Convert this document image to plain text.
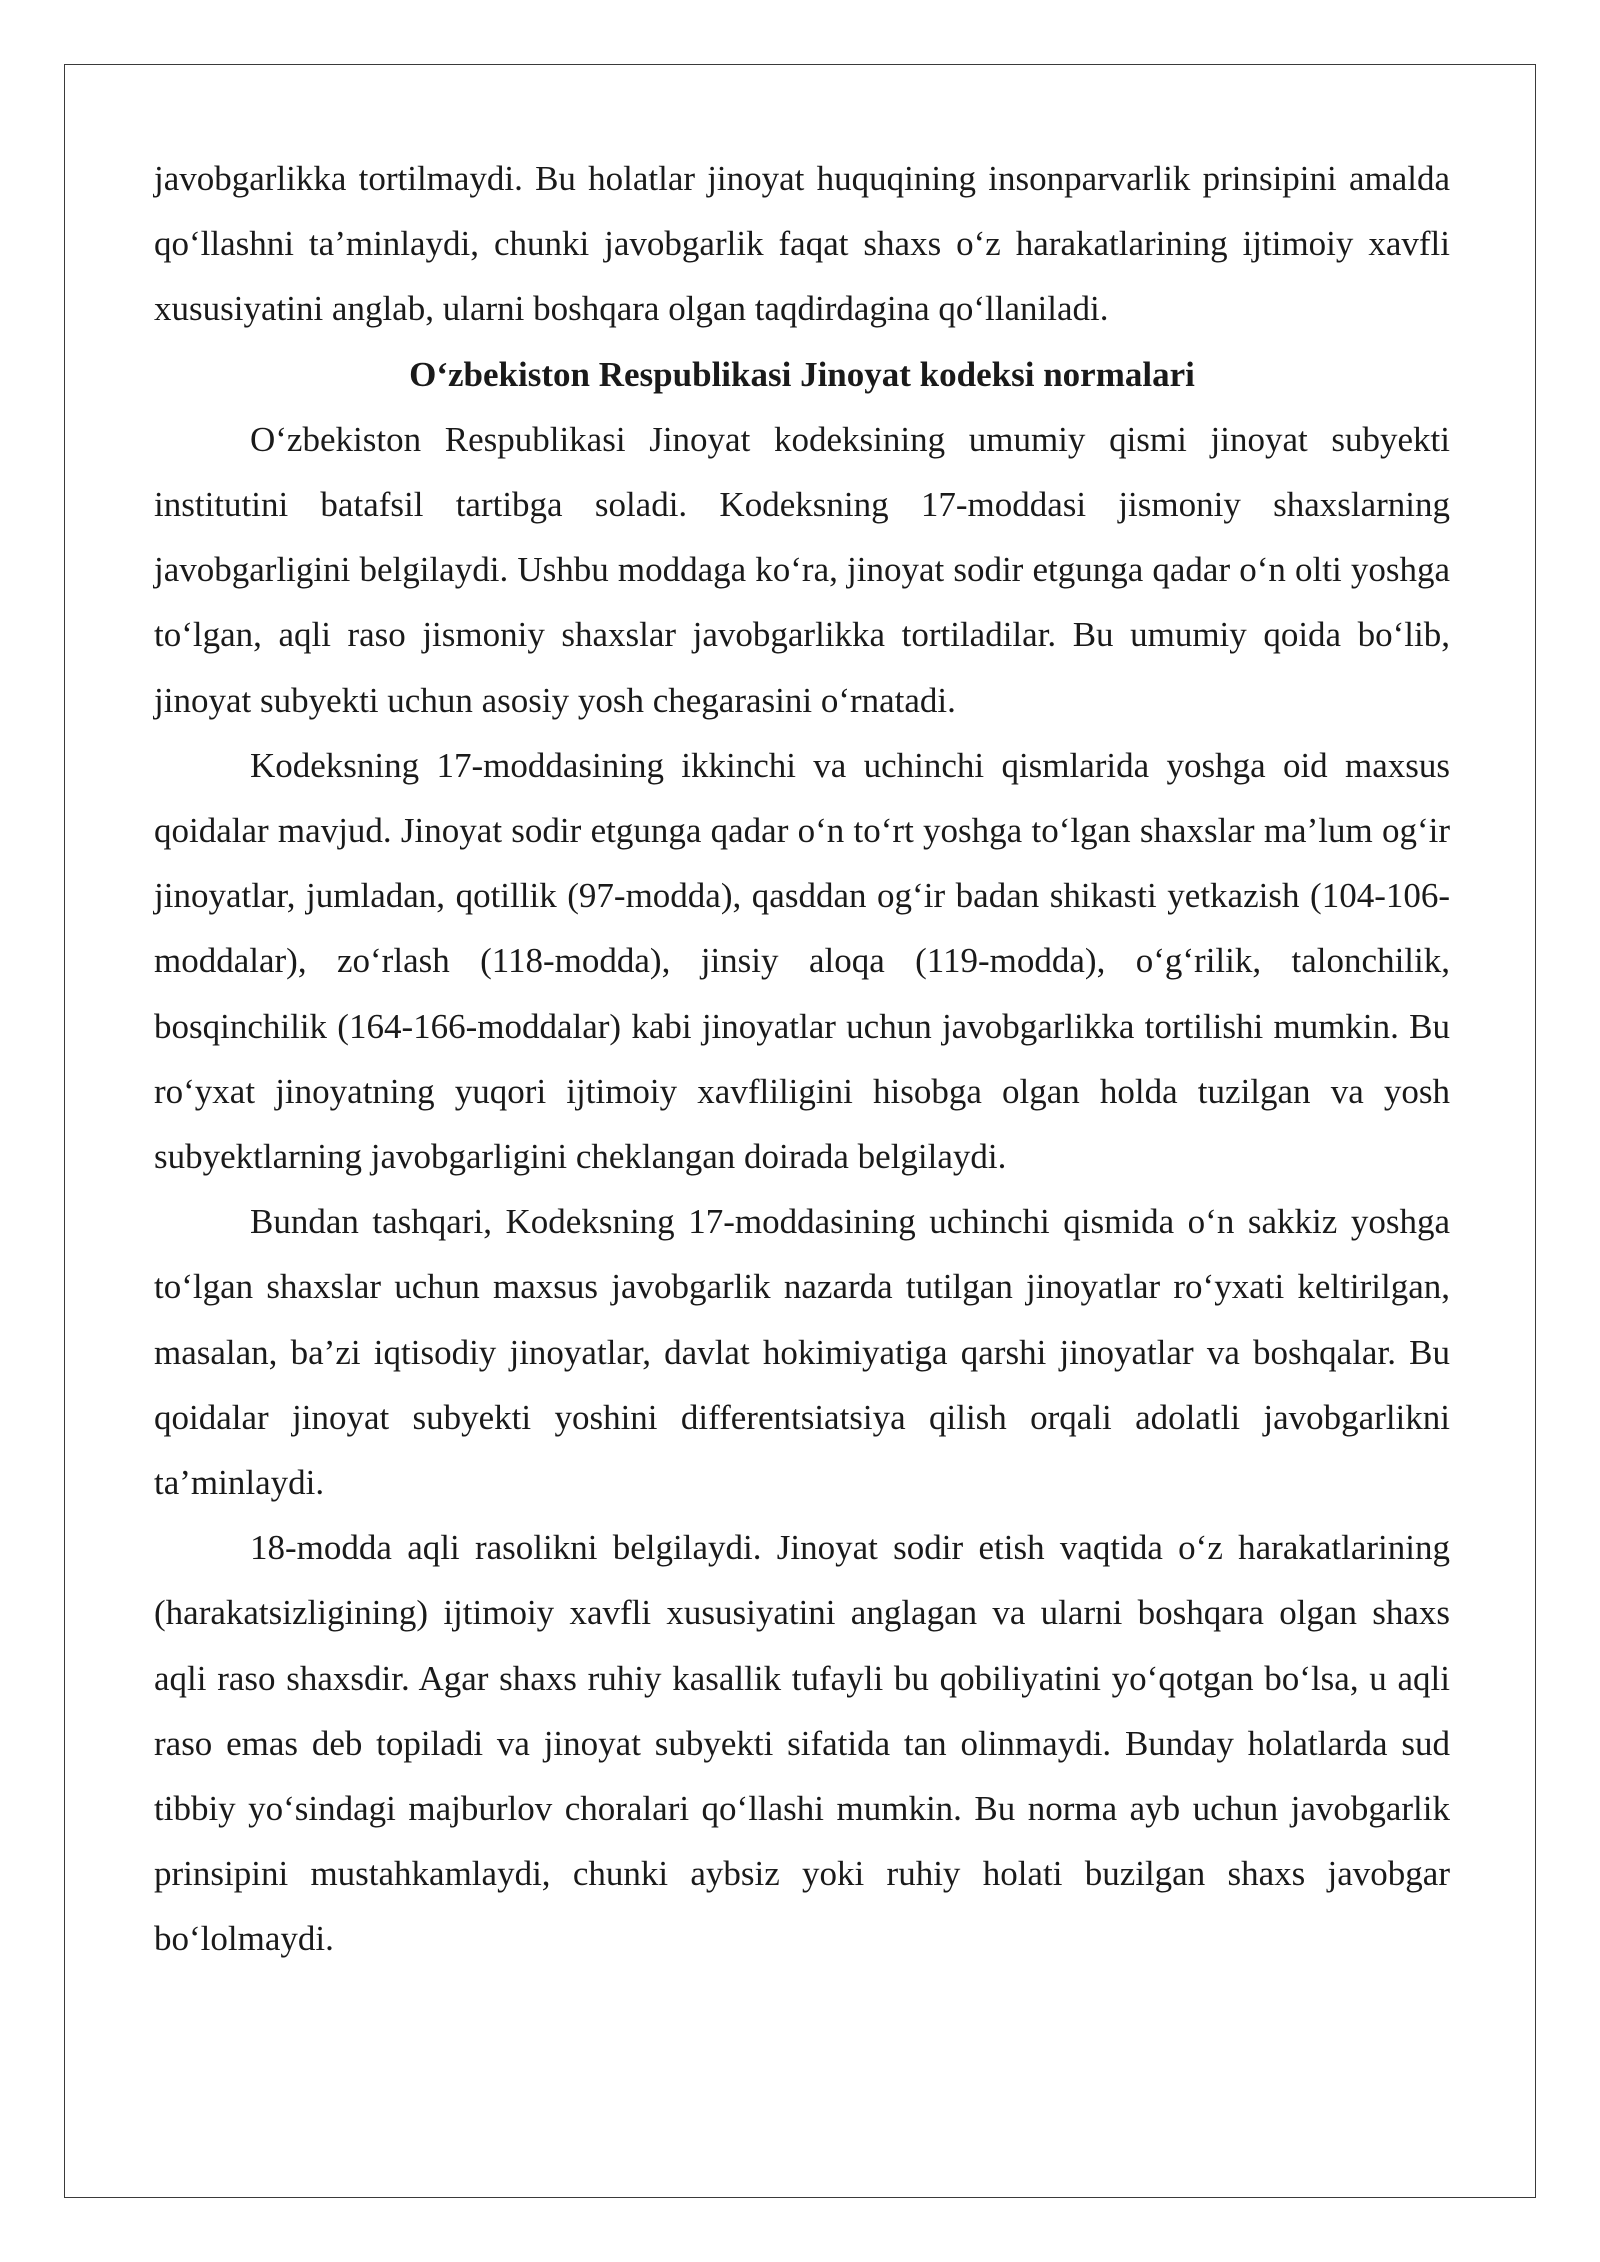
javobgarlikka tortilmaydi. Bu holatlar jinoyat huquqining insonparvarlik prinsipini amalda qo‘llashni ta’minlaydi, chunki javobgarlik faqat shaxs o‘z harakatlarining ijtimoiy xavfli xususiyatini anglab, ularni boshqara olgan taqdirdagina qo‘llaniladi.

O‘zbekiston Respublikasi Jinoyat kodeksi normalari

O‘zbekiston Respublikasi Jinoyat kodeksining umumiy qismi jinoyat subyekti institutini batafsil tartibga soladi. Kodeksning 17-moddasi jismoniy shaxslarning javobgarligini belgilaydi. Ushbu moddaga ko‘ra, jinoyat sodir etgunga qadar o‘n olti yoshga to‘lgan, aqli raso jismoniy shaxslar javobgarlikka tortiladilar. Bu umumiy qoida bo‘lib, jinoyat subyekti uchun asosiy yosh chegarasini o‘rnatadi.

Kodeksning 17-moddasining ikkinchi va uchinchi qismlarida yoshga oid maxsus qoidalar mavjud. Jinoyat sodir etgunga qadar o‘n to‘rt yoshga to‘lgan shaxslar ma’lum og‘ir jinoyatlar, jumladan, qotillik (97-modda), qasddan og‘ir badan shikasti yetkazish (104-106-moddalar), zo‘rlash (118-modda), jinsiy aloqa (119-modda), o‘g‘rilik, talonchilik, bosqinchilik (164-166-moddalar) kabi jinoyatlar uchun javobgarlikka tortilishi mumkin. Bu ro‘yxat jinoyatning yuqori ijtimoiy xavfliligini hisobga olgan holda tuzilgan va yosh subyektlarning javobgarligini cheklangan doirada belgilaydi.

Bundan tashqari, Kodeksning 17-moddasining uchinchi qismida o‘n sakkiz yoshga to‘lgan shaxslar uchun maxsus javobgarlik nazarda tutilgan jinoyatlar ro‘yxati keltirilgan, masalan, ba’zi iqtisodiy jinoyatlar, davlat hokimiyatiga qarshi jinoyatlar va boshqalar. Bu qoidalar jinoyat subyekti yoshini differentsiatsiya qilish orqali adolatli javobgarlikni ta’minlaydi.

18-modda aqli rasolikni belgilaydi. Jinoyat sodir etish vaqtida o‘z harakatlarining (harakatsizligining) ijtimoiy xavfli xususiyatini anglagan va ularni boshqara olgan shaxs aqli raso shaxsdir. Agar shaxs ruhiy kasallik tufayli bu qobiliyatini yo‘qotgan bo‘lsa, u aqli raso emas deb topiladi va jinoyat subyekti sifatida tan olinmaydi. Bunday holatlarda sud tibbiy yo‘sindagi majburlov choralari qo‘llashi mumkin. Bu norma ayb uchun javobgarlik prinsipini mustahkamlaydi, chunki aybsiz yoki ruhiy holati buzilgan shaxs javobgar bo‘lolmaydi.
